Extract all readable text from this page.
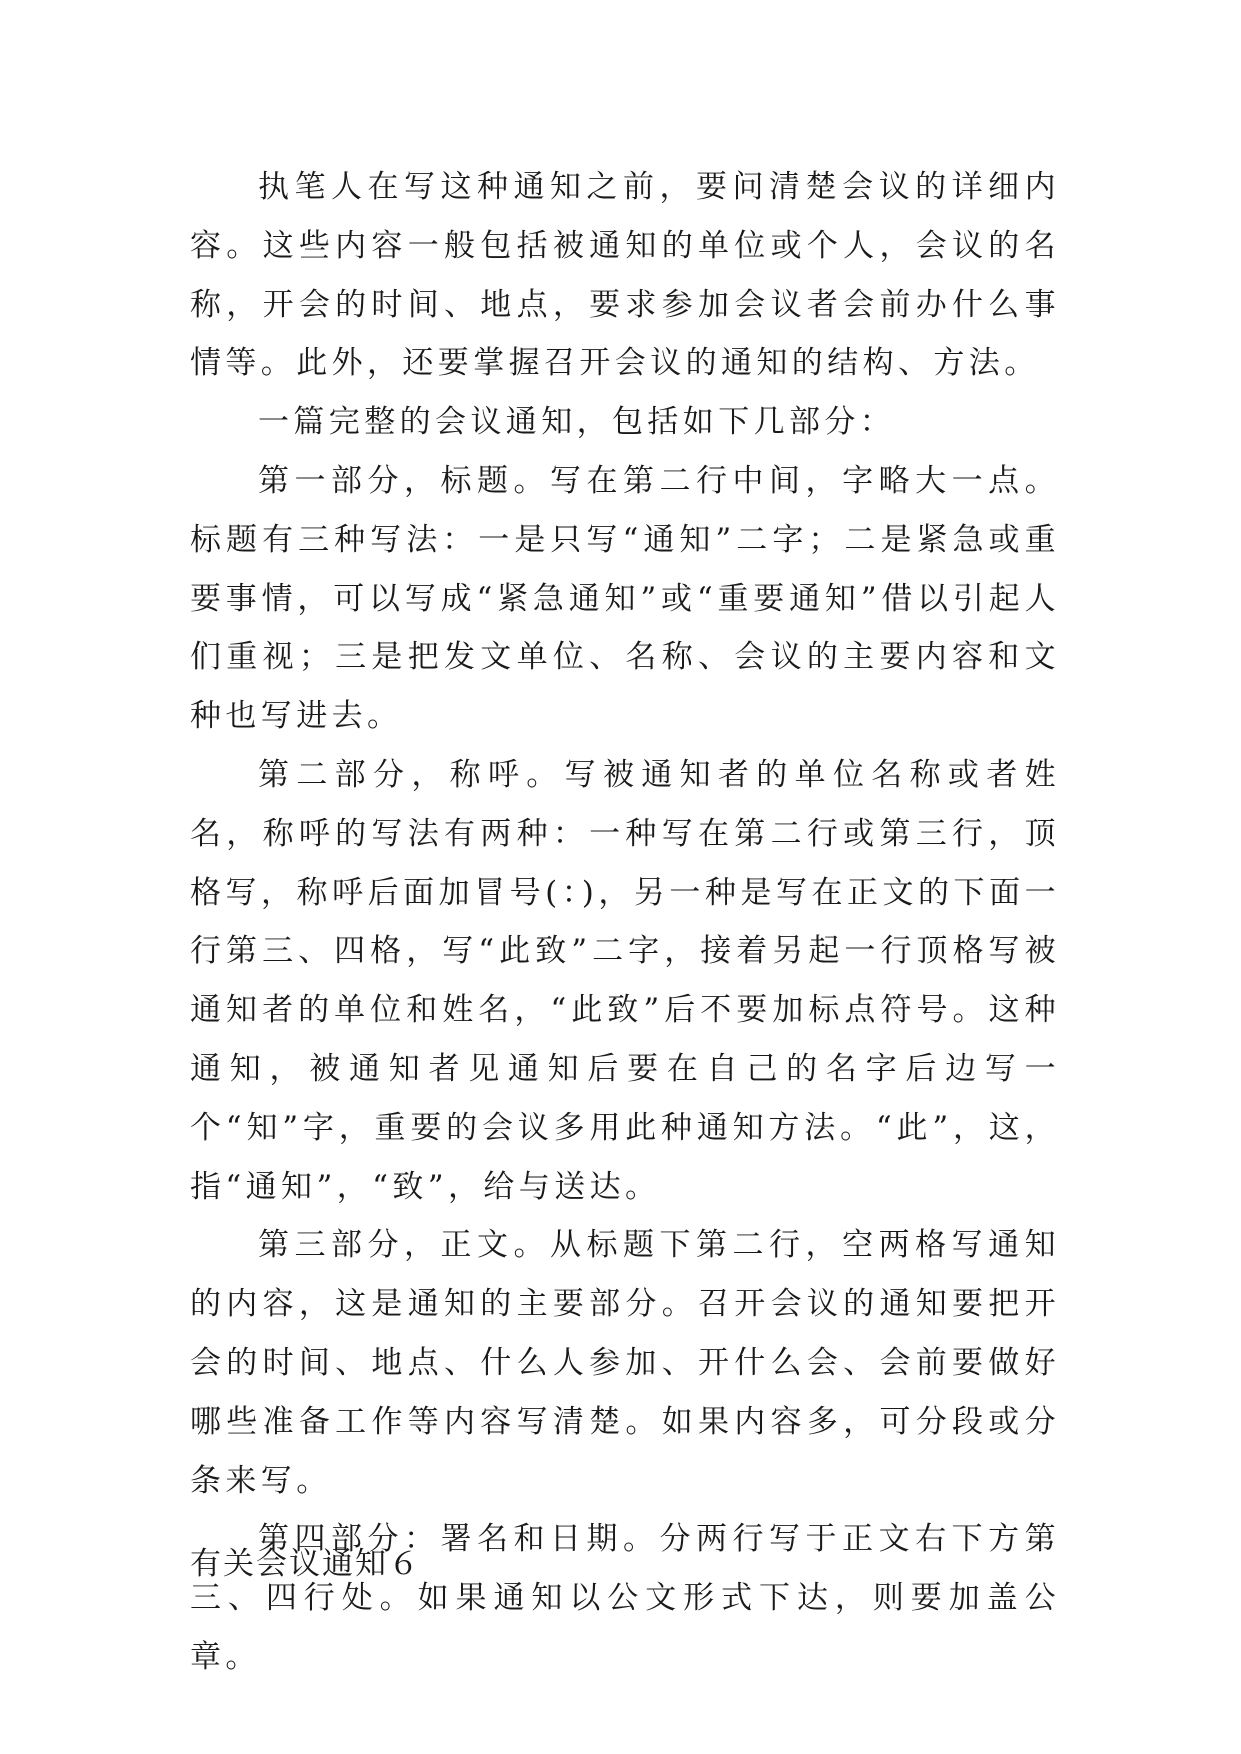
执笔人在写这种通知之前，要问清楚会议的详细内容。这些内容一般包括被通知的单位或个人，会议的名称，开会的时间、地点，要求参加会议者会前办什么事情等。此外，还要掌握召开会议的通知的结构、方法。

一篇完整的会议通知，包括如下几部分：

第一部分，标题。写在第二行中间，字略大一点。标题有三种写法：一是只写“通知”二字；二是紧急或重要事情，可以写成“紧急通知”或“重要通知”借以引起人们重视；三是把发文单位、名称、会议的主要内容和文种也写进去。

第二部分，称呼。写被通知者的单位名称或者姓名，称呼的写法有两种：一种写在第二行或第三行，顶格写，称呼后面加冒号(：)，另一种是写在正文的下面一行第三、四格，写“此致”二字，接着另起一行顶格写被通知者的单位和姓名，“此致”后不要加标点符号。这种通知，被通知者见通知后要在自己的名字后边写一个“知”字，重要的会议多用此种通知方法。“此”，这，指“通知”，“致”，给与送达。

第三部分，正文。从标题下第二行，空两格写通知的内容，这是通知的主要部分。召开会议的通知要把开会的时间、地点、什么人参加、开什么会、会前要做好哪些准备工作等内容写清楚。如果内容多，可分段或分条来写。

第四部分：署名和日期。分两行写于正文右下方第三、四行处。如果通知以公文形式下达，则要加盖公章。

有关会议通知６
